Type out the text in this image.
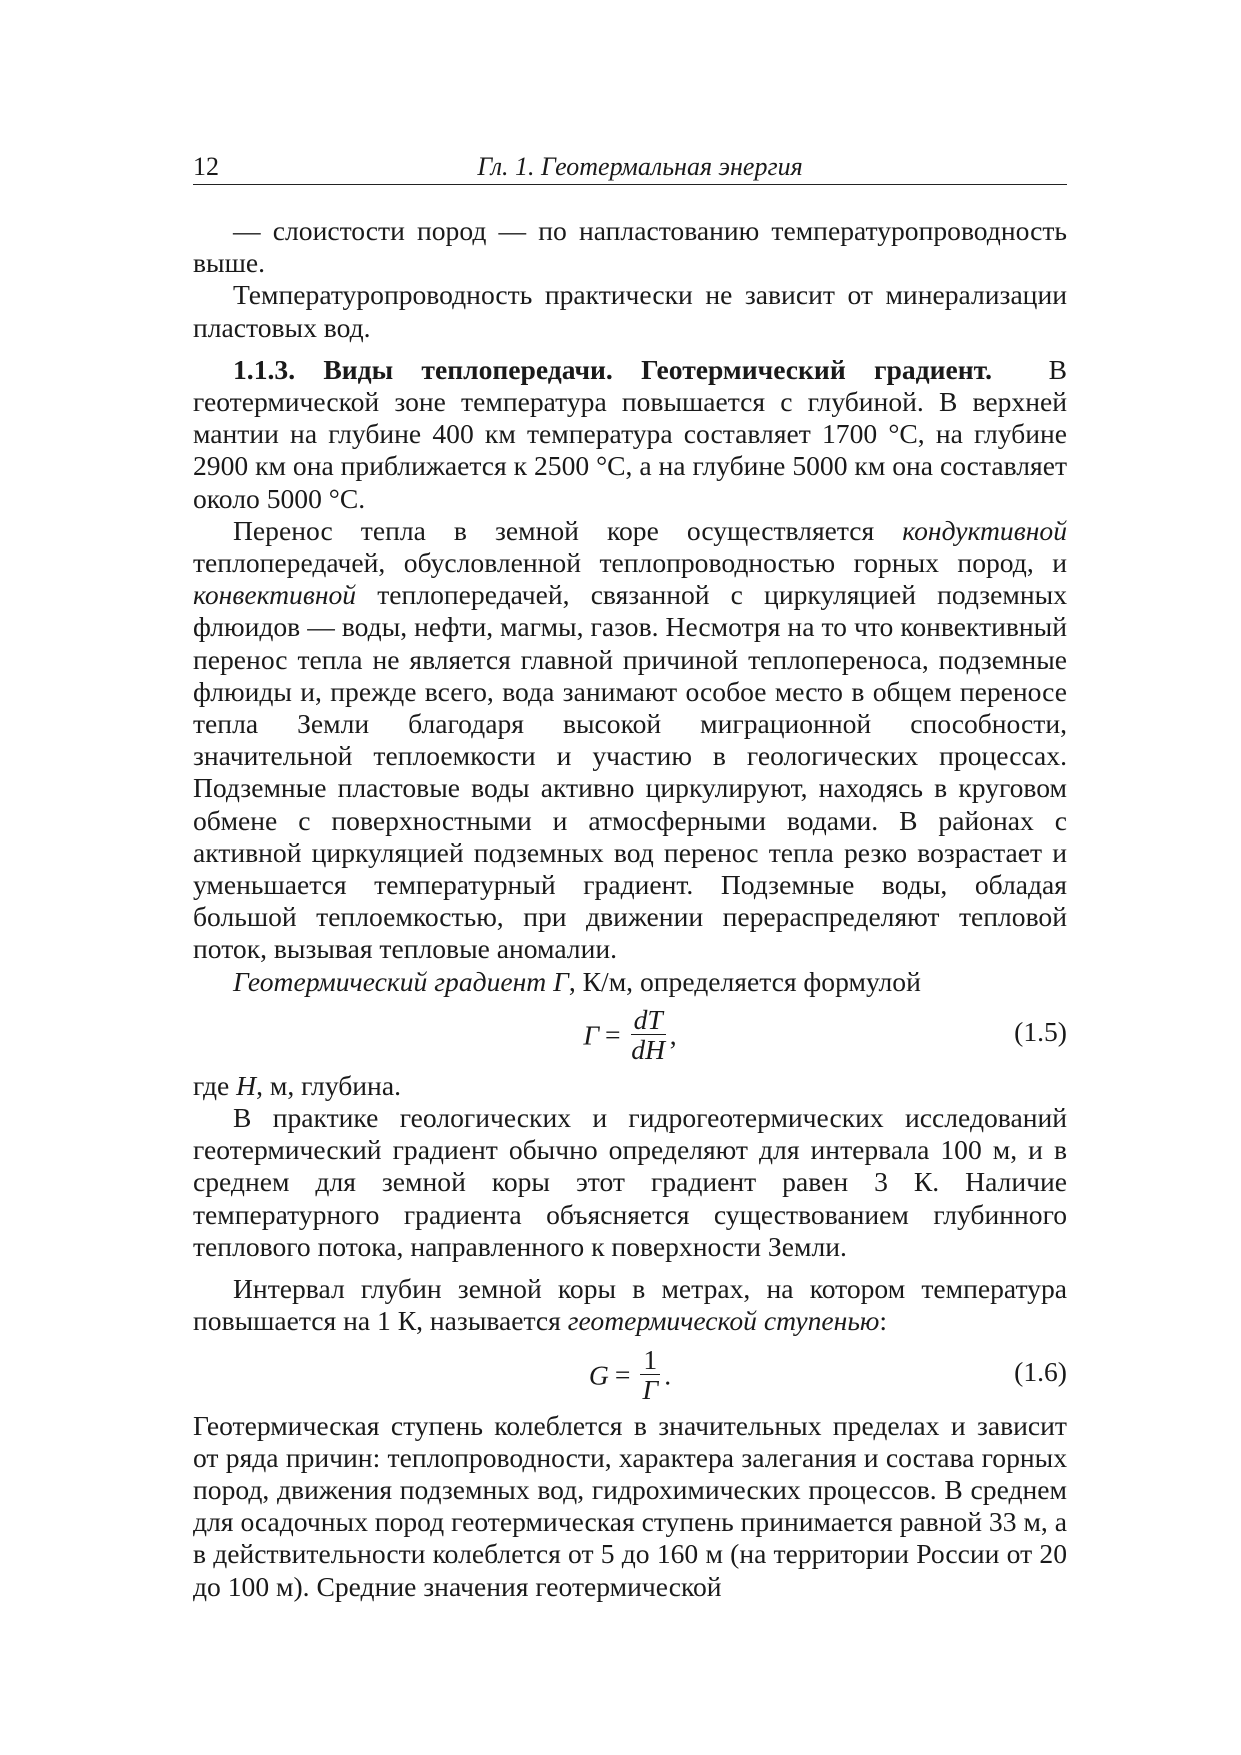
12	Гл. 1. Геотермальная энергия

— слоистости пород — по напластованию температуропроводность выше.

Температуропроводность практически не зависит от минерализации пластовых вод.

1.1.3. Виды теплопередачи. Геотермический градиент. В геотермической зоне температура повышается с глубиной. В верхней мантии на глубине 400 км температура составляет 1700 °С, на глубине 2900 км она приближается к 2500 °С, а на глубине 5000 км она составляет около 5000 °С.

Перенос тепла в земной коре осуществляется кондуктивной теплопередачей, обусловленной теплопроводностью горных пород, и конвективной теплопередачей, связанной с циркуляцией подземных флюидов — воды, нефти, магмы, газов. Несмотря на то что конвективный перенос тепла не является главной причиной теплопереноса, подземные флюиды и, прежде всего, вода занимают особое место в общем переносе тепла Земли благодаря высокой миграционной способности, значительной теплоемкости и участию в геологических процессах. Подземные пластовые воды активно циркулируют, находясь в круговом обмене с поверхностными и атмосферными водами. В районах с активной циркуляцией подземных вод перенос тепла резко возрастает и уменьшается температурный градиент. Подземные воды, обладая большой теплоемкостью, при движении перераспределяют тепловой поток, вызывая тепловые аномалии.

Геотермический градиент Г, К/м, определяется формулой

$Г = \frac{dT}{dH}$ ,	(1.5)

где H, м, глубина.

В практике геологических и гидрогеотермических исследований геотермический градиент обычно определяют для интервала 100 м, и в среднем для земной коры этот градиент равен 3 К. Наличие температурного градиента объясняется существованием глубинного теплового потока, направленного к поверхности Земли.

Интервал глубин земной коры в метрах, на котором температура повышается на 1 К, называется геотермической ступенью:

$G = \frac{1}{Г}$ .	(1.6)

Геотермическая ступень колеблется в значительных пределах и зависит от ряда причин: теплопроводности, характера залегания и состава горных пород, движения подземных вод, гидрохимических процессов. В среднем для осадочных пород геотермическая ступень принимается равной 33 м, а в действительности колеблется от 5 до 160 м (на территории России от 20 до 100 м). Средние значения геотермической
